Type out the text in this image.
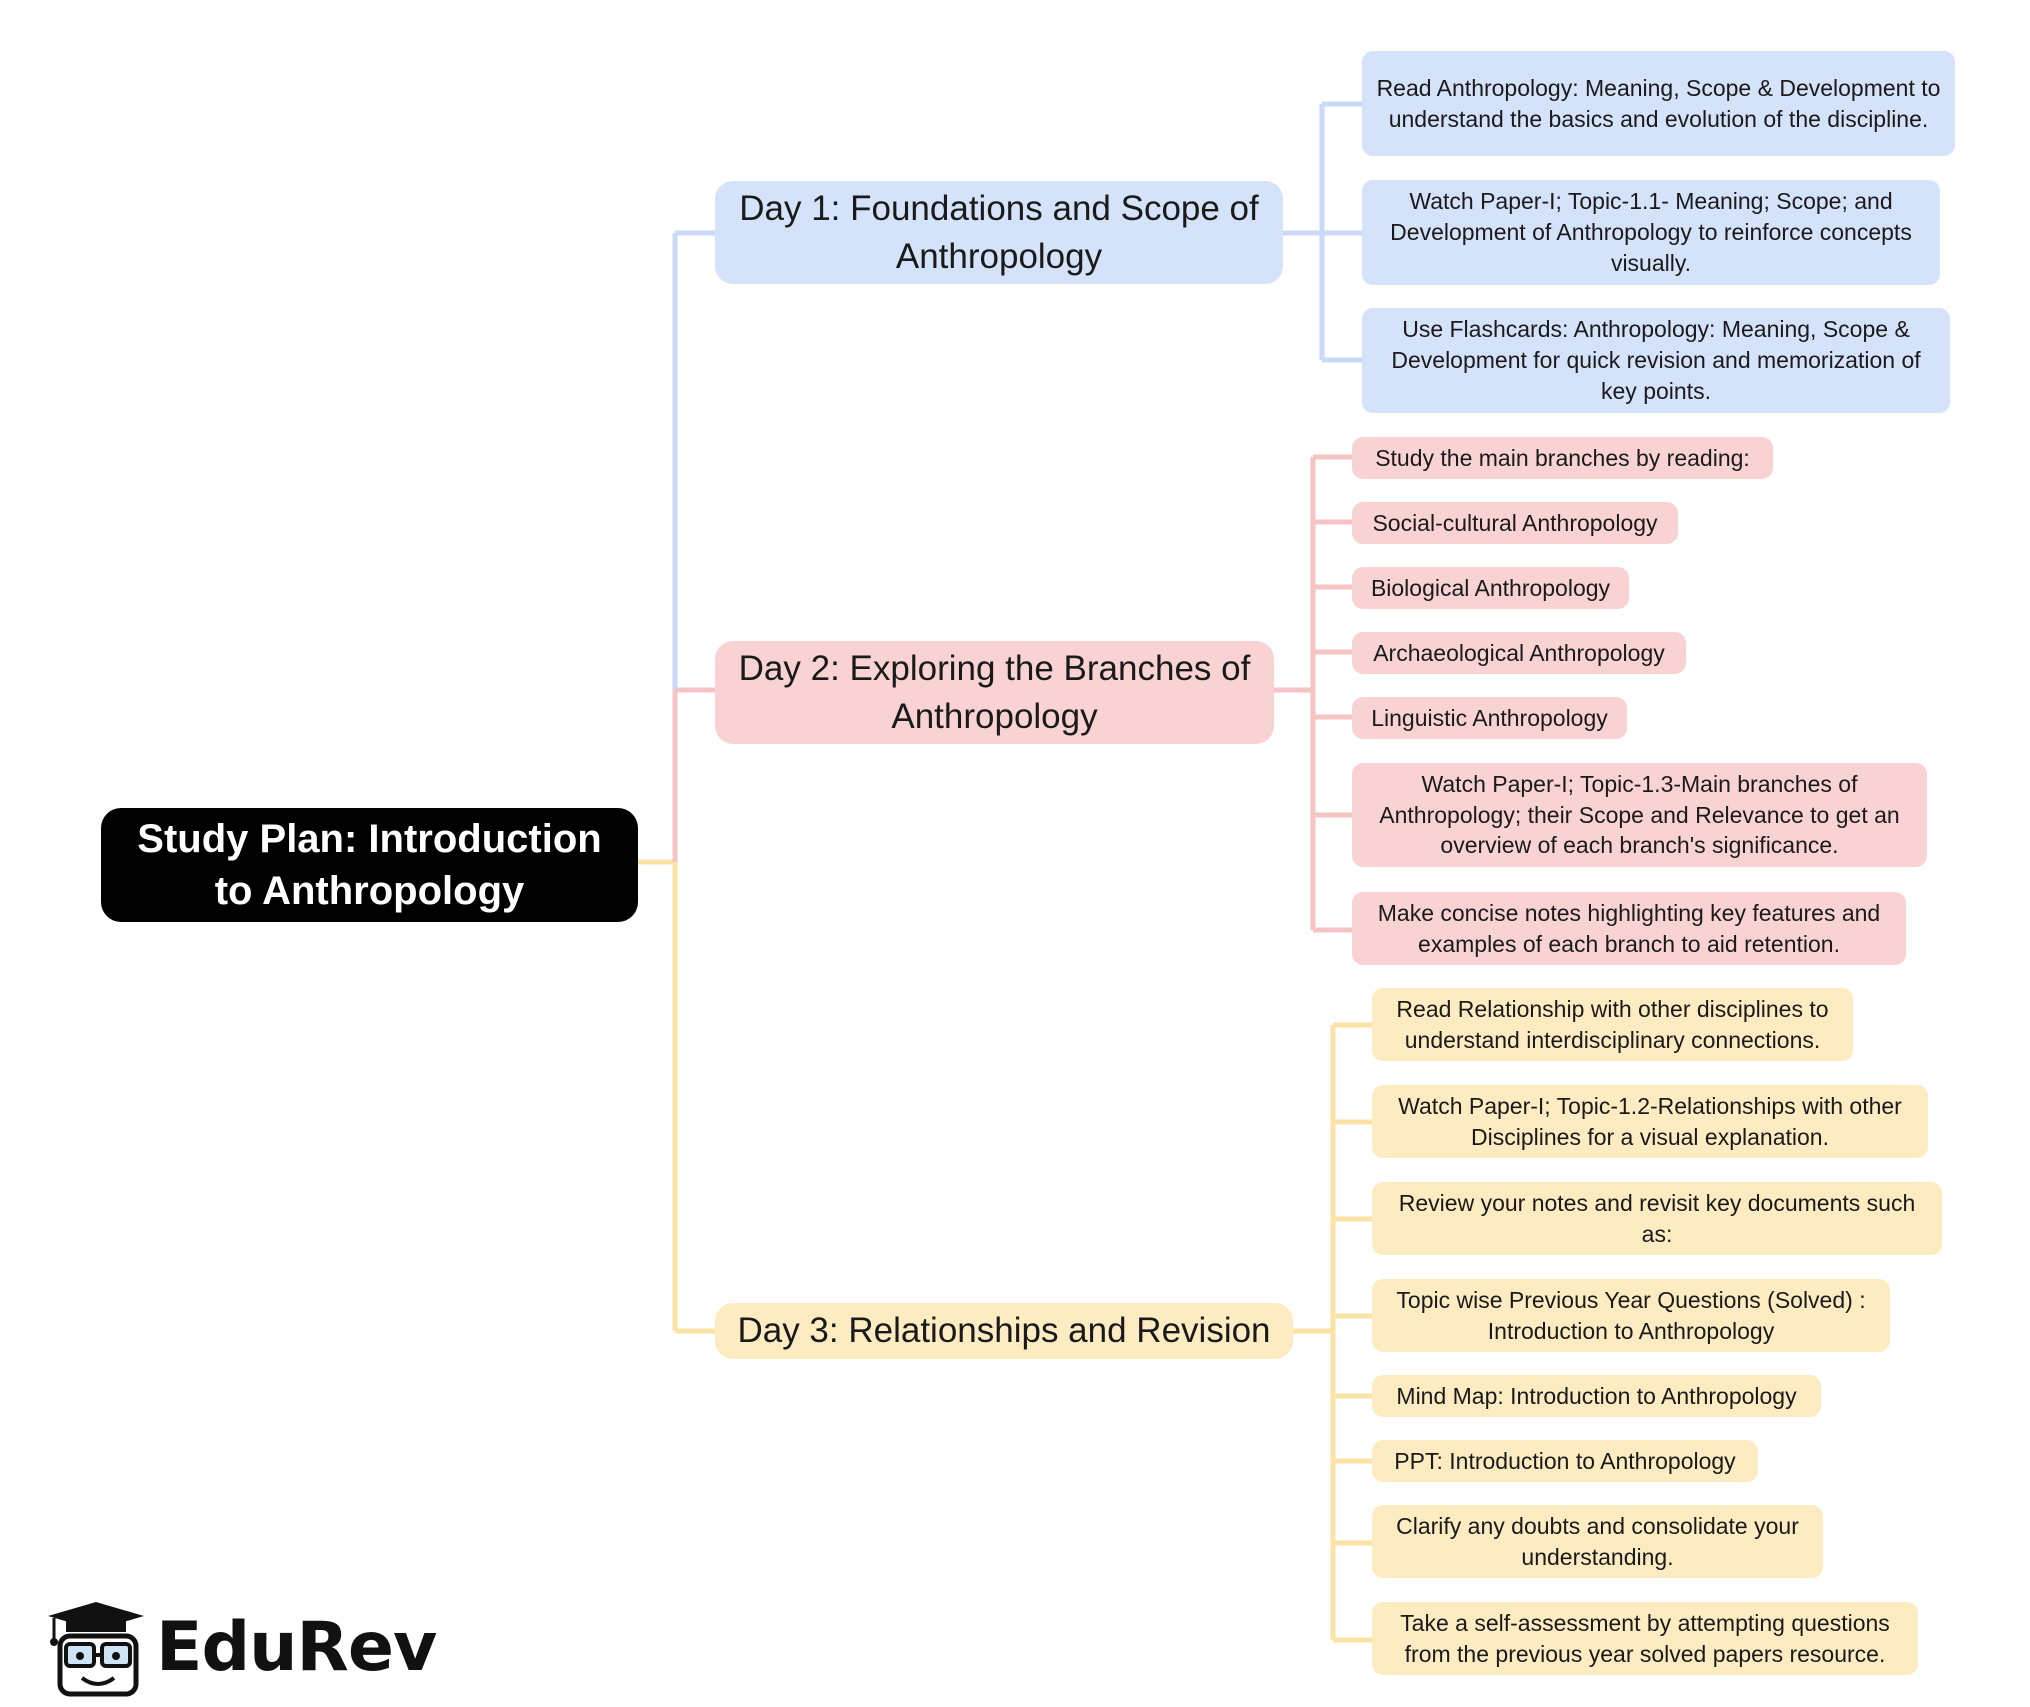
Study Plan: Introduction to Anthropology
Day 1: Foundations and Scope of Anthropology
Read Anthropology: Meaning, Scope & Development to understand the basics and evolution of the discipline.
Watch Paper-I; Topic-1.1- Meaning; Scope; and Development of Anthropology to reinforce concepts visually.
Use Flashcards: Anthropology: Meaning, Scope & Development for quick revision and memorization of key points.
Day 2: Exploring the Branches of Anthropology
Study the main branches by reading:
Social-cultural Anthropology
Biological Anthropology
Archaeological Anthropology
Linguistic Anthropology
Watch Paper-I; Topic-1.3-Main branches of Anthropology; their Scope and Relevance to get an overview of each branch's significance.
Make concise notes highlighting key features and examples of each branch to aid retention.
Day 3: Relationships and Revision
Read Relationship with other disciplines to understand interdisciplinary connections.
Watch Paper-I; Topic-1.2-Relationships with other Disciplines for a visual explanation.
Review your notes and revisit key documents such as:
Topic wise Previous Year Questions (Solved) : Introduction to Anthropology
Mind Map: Introduction to Anthropology
PPT: Introduction to Anthropology
Clarify any doubts and consolidate your understanding.
Take a self-assessment by attempting questions from the previous year solved papers resource.
EduRev
